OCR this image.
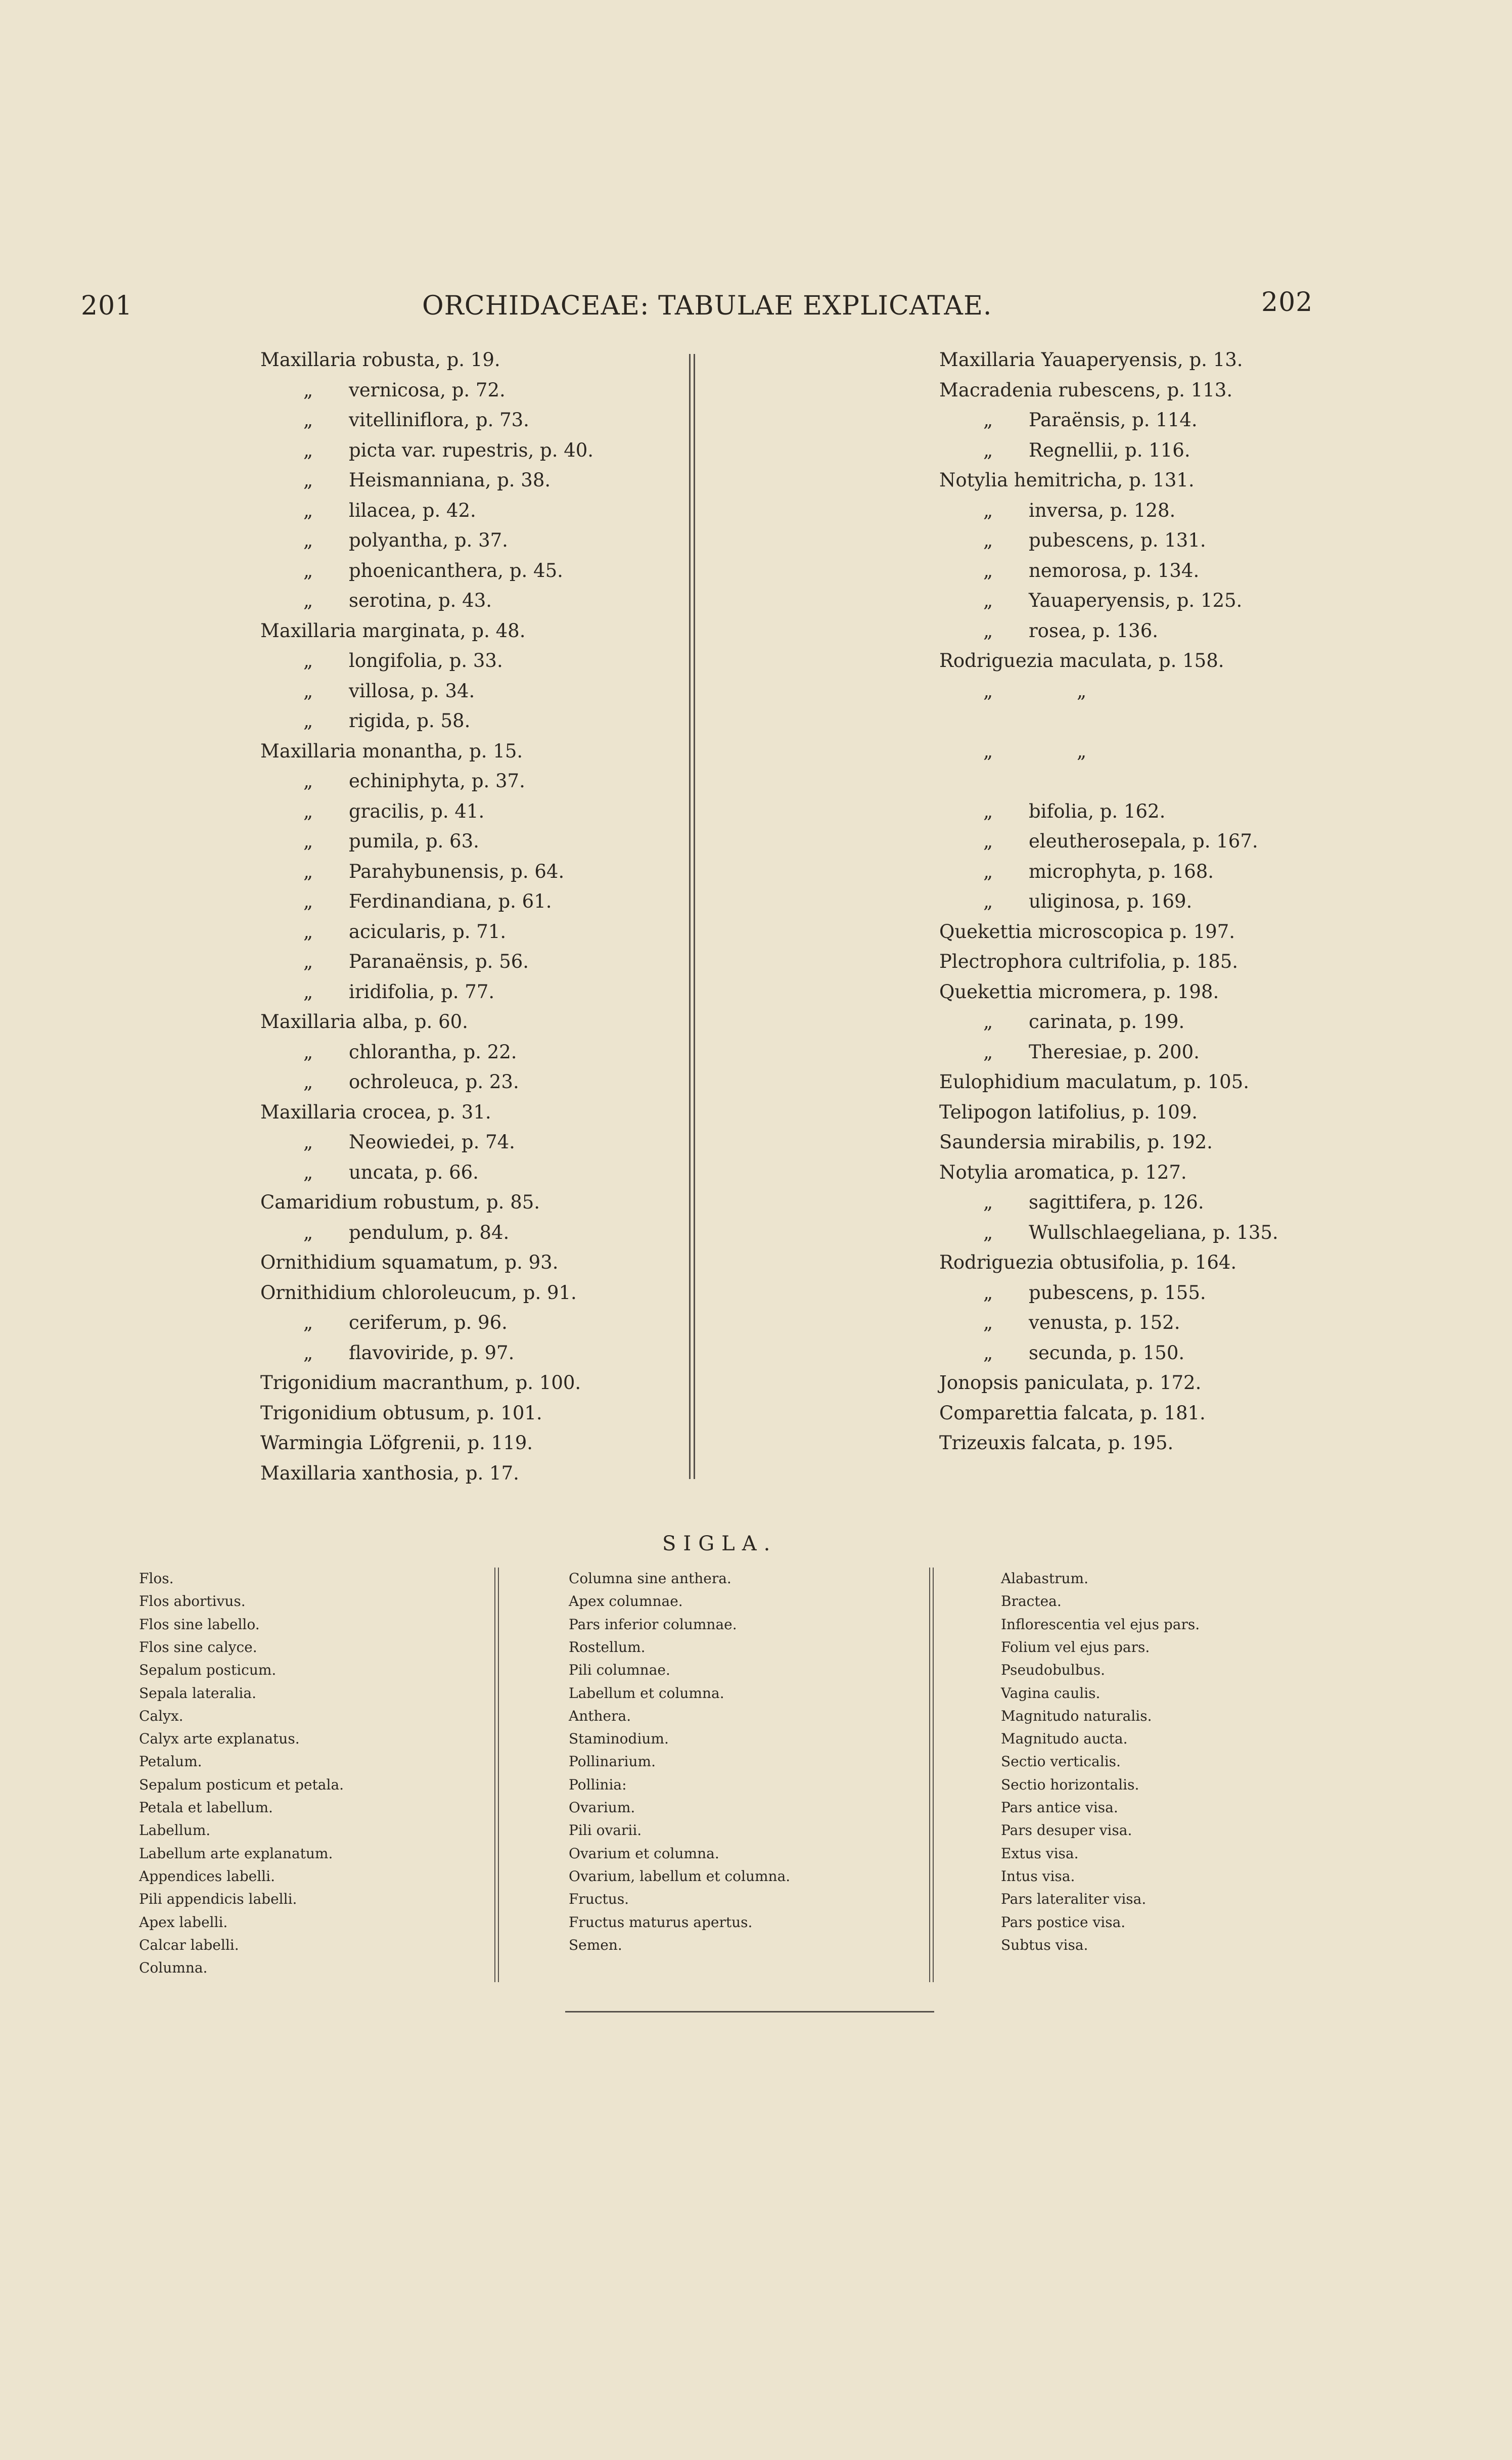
201	ORCHIDACEAE: TABULAE EXPLICATAE.	202
Maxillaria robusta, p. 19.
„ vernicosa, p. 72.
„ vitelliniflora, p. 73.
„ picta var. rupestris, p. 40.
„ Heismanniana, p. 38.
„ lilacea, p. 42.
„ polyantha, p. 37.
„ phoenicanthera, p. 45.
„ serotina, p. 43.
Maxillaria marginata, p. 48.
„ longifolia, p. 33.
„ villosa, p. 34.
„ rigida, p. 58.
Maxillaria monantha, p. 15.
„ echiniphyta, p. 37.
„ gracilis, p. 41.
„ pumila, p. 63.
„ Parahybunensis, p. 64.
„ Ferdinandiana, p. 61.
„ acicularis, p. 71.
„ Paranaënsis, p. 56.
„ iridifolia, p. 77.
Maxillaria alba, p. 60.
„ chlorantha, p. 22.
„ ochroleuca, p. 23.
Maxillaria crocea, p. 31.
„ Neowiedei, p. 74.
„ uncata, p. 66.
Camaridium robustum, p. 85.
„ pendulum, p. 84.
Ornithidium squamatum, p. 93.
Ornithidium chloroleucum, p. 91.
„ ceriferum, p. 96.
„ flavoviride, p. 97.
Trigonidium macranthum, p. 100.
Trigonidium obtusum, p. 101.
Warmingia Löfgrenii, p. 119.
Maxillaria xanthosia, p. 17.
Maxillaria Yauaperyensis, p. 13.
Macradenia rubescens, p. 113.
„ Paraënsis, p. 114.
„ Regnellii, p. 116.
Notylia hemitricha, p. 131.
„ inversa, p. 128.
„ pubescens, p. 131.
„ nemorosa, p. 134.
„ Yauaperyensis, p. 125.
„ rosea, p. 136.
Rodriguezia maculata, p. 158.
„	„
„	„
„ bifolia, p. 162.
„ eleutherosepala, p. 167.
„ microphyta, p. 168.
„ uliginosa, p. 169.
Quekettia microscopica p. 197.
Plectrophora cultrifolia, p. 185.
Quekettia micromera, p. 198.
„ carinata, p. 199.
„ Theresiae, p. 200.
Eulophidium maculatum, p. 105.
Telipogon latifolius, p. 109.
Saundersia mirabilis, p. 192.
Notylia aromatica, p. 127.
„ sagittifera, p. 126.
„ Wullschlaegeliana, p. 135.
Rodriguezia obtusifolia, p. 164.
„ pubescens, p. 155.
„ venusta, p. 152.
„ secunda, p. 150.
Jonopsis paniculata, p. 172.
Comparettia falcata, p. 181.
Trizeuxis falcata, p. 195.
SIGLA.
Flos.
Flos abortivus.
Flos sine labello.
Flos sine calyce.
Sepalum posticum.
Sepala lateralia.
Calyx.
Calyx arte explanatus.
Petalum.
Sepalum posticum et petala.
Petala et labellum.
Labellum.
Labellum arte explanatum.
Appendices labelli.
Pili appendicis labelli.
Apex labelli.
Calcar labelli.
Columna.
Columna sine anthera.
Apex columnae.
Pars inferior columnae.
Rostellum.
Pili columnae.
Labellum et columna.
Anthera.
Staminodium.
Pollinarium.
Pollinia:
Ovarium.
Pili ovarii.
Ovarium et columna.
Ovarium, labellum et columna.
Fructus.
Fructus maturus apertus.
Semen.
Alabastrum.
Bractea.
Inflorescentia vel ejus pars.
Folium vel ejus pars.
Pseudobulbus.
Vagina caulis.
Magnitudo naturalis.
Magnitudo aucta.
Sectio verticalis.
Sectio horizontalis.
Pars antice visa.
Pars desuper visa.
Extus visa.
Intus visa.
Pars lateraliter visa.
Pars postice visa.
Subtus visa.
